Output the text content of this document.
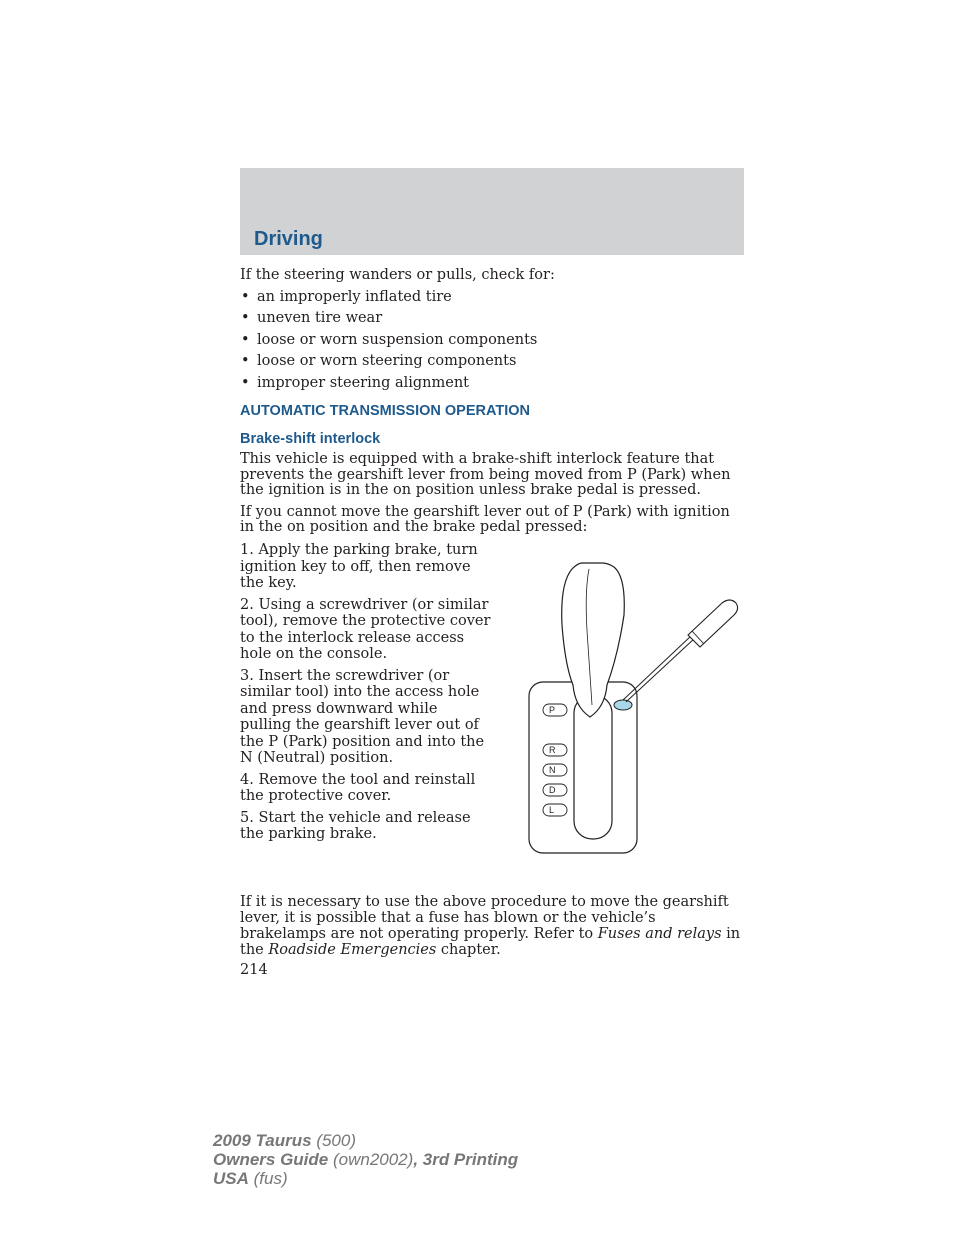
Driving

If the steering wanders or pulls, check for:

• an improperly inflated tire
• uneven tire wear
• loose or worn suspension components
• loose or worn steering components
• improper steering alignment
AUTOMATIC TRANSMISSION OPERATION
Brake-shift interlock

This vehicle is equipped with a brake-shift interlock feature that prevents the gearshift lever from being moved from P (Park) when the ignition is in the on position unless brake pedal is pressed.

If you cannot move the gearshift lever out of P (Park) with ignition in the on position and the brake pedal pressed:

1. Apply the parking brake, turn ignition key to off, then remove the key.

2. Using a screwdriver (or similar tool), remove the protective cover to the interlock release access hole on the console.

3. Insert the screwdriver (or similar tool) into the access hole and press downward while pulling the gearshift lever out of the P (Park) position and into the N (Neutral) position.

4. Remove the tool and reinstall the protective cover.

5. Start the vehicle and release the parking brake.

P
R
N
D
L

If it is necessary to use the above procedure to move the gearshift lever, it is possible that a fuse has blown or the vehicle’s brakelamps are not operating properly. Refer to Fuses and relays in the Roadside Emergencies chapter.

214

2009 Taurus (500)
Owners Guide (own2002), 3rd Printing
USA (fus)
